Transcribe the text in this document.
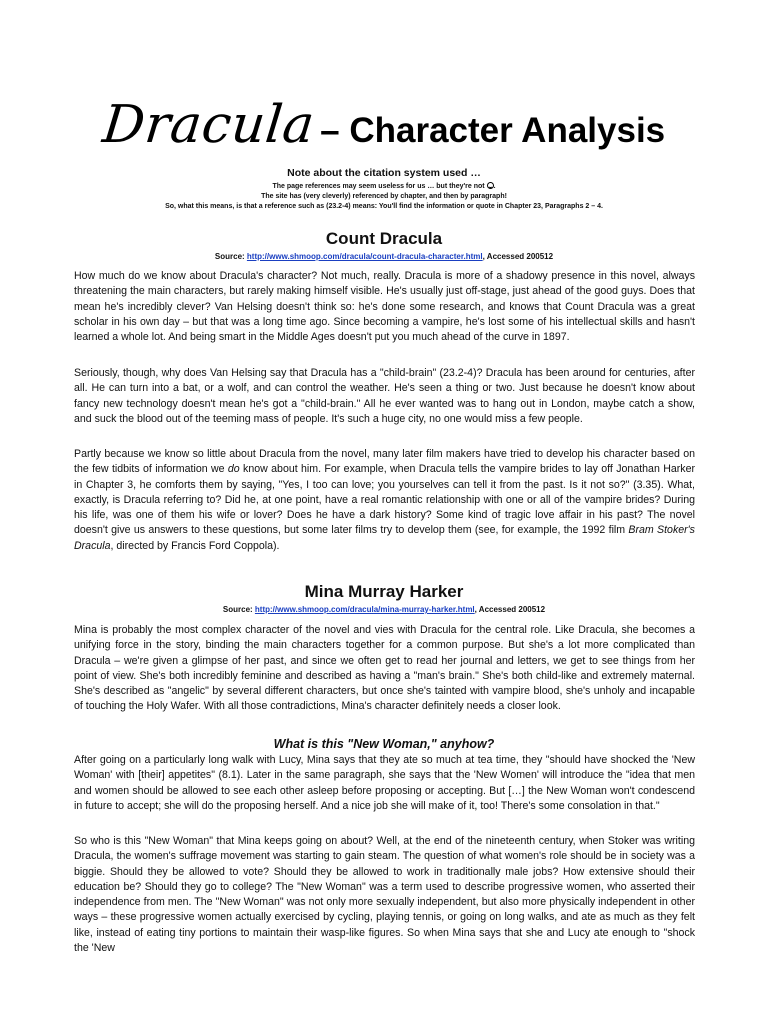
Dracula– Character Analysis
Note about the citation system used …
The page references may seem useless for us … but they're not .
The site has (very cleverly) referenced by chapter, and then by paragraph!
So, what this means, is that a reference such as (23.2-4) means: You'll find the information or quote in Chapter 23, Paragraphs 2 – 4.
Count Dracula
Source: http://www.shmoop.com/dracula/count-dracula-character.html, Accessed 200512
How much do we know about Dracula's character? Not much, really. Dracula is more of a shadowy presence in this novel, always threatening the main characters, but rarely making himself visible. He's usually just off-stage, just ahead of the good guys. Does that mean he's incredibly clever? Van Helsing doesn't think so: he's done some research, and knows that Count Dracula was a great scholar in his own day – but that was a long time ago. Since becoming a vampire, he's lost some of his intellectual skills and hasn't learned a whole lot. And being smart in the Middle Ages doesn't put you much ahead of the curve in 1897.
Seriously, though, why does Van Helsing say that Dracula has a "child-brain" (23.2-4)? Dracula has been around for centuries, after all. He can turn into a bat, or a wolf, and can control the weather. He's seen a thing or two. Just because he doesn't know about fancy new technology doesn't mean he's got a "child-brain." All he ever wanted was to hang out in London, maybe catch a show, and suck the blood out of the teeming mass of people. It's such a huge city, no one would miss a few people.
Partly because we know so little about Dracula from the novel, many later film makers have tried to develop his character based on the few tidbits of information we do know about him. For example, when Dracula tells the vampire brides to lay off Jonathan Harker in Chapter 3, he comforts them by saying, "Yes, I too can love; you yourselves can tell it from the past. Is it not so?" (3.35). What, exactly, is Dracula referring to? Did he, at one point, have a real romantic relationship with one or all of the vampire brides? During his life, was one of them his wife or lover? Does he have a dark history? Some kind of tragic love affair in his past? The novel doesn't give us answers to these questions, but some later films try to develop them (see, for example, the 1992 film Bram Stoker's Dracula, directed by Francis Ford Coppola).
Mina Murray Harker
Source: http://www.shmoop.com/dracula/mina-murray-harker.html, Accessed 200512
Mina is probably the most complex character of the novel and vies with Dracula for the central role. Like Dracula, she becomes a unifying force in the story, binding the main characters together for a common purpose. But she's a lot more complicated than Dracula – we're given a glimpse of her past, and since we often get to read her journal and letters, we get to see things from her point of view. She's both incredibly feminine and described as having a "man's brain." She's both child-like and extremely maternal. She's described as "angelic" by several different characters, but once she's tainted with vampire blood, she's unholy and incapable of touching the Holy Wafer. With all those contradictions, Mina's character definitely needs a closer look.
What is this "New Woman," anyhow?
After going on a particularly long walk with Lucy, Mina says that they ate so much at tea time, they "should have shocked the 'New Woman' with [their] appetites" (8.1). Later in the same paragraph, she says that the 'New Women' will introduce the "idea that men and women should be allowed to see each other asleep before proposing or accepting. But […] the New Woman won't condescend in future to accept; she will do the proposing herself. And a nice job she will make of it, too! There's some consolation in that."
So who is this "New Woman" that Mina keeps going on about? Well, at the end of the nineteenth century, when Stoker was writing Dracula, the women's suffrage movement was starting to gain steam. The question of what women's role should be in society was a biggie. Should they be allowed to vote? Should they be allowed to work in traditionally male jobs? How extensive should their education be? Should they go to college? The "New Woman" was a term used to describe progressive women, who asserted their independence from men. The "New Woman" was not only more sexually independent, but also more physically independent in other ways – these progressive women actually exercised by cycling, playing tennis, or going on long walks, and ate as much as they felt like, instead of eating tiny portions to maintain their wasp-like figures. So when Mina says that she and Lucy ate enough to "shock the 'New
